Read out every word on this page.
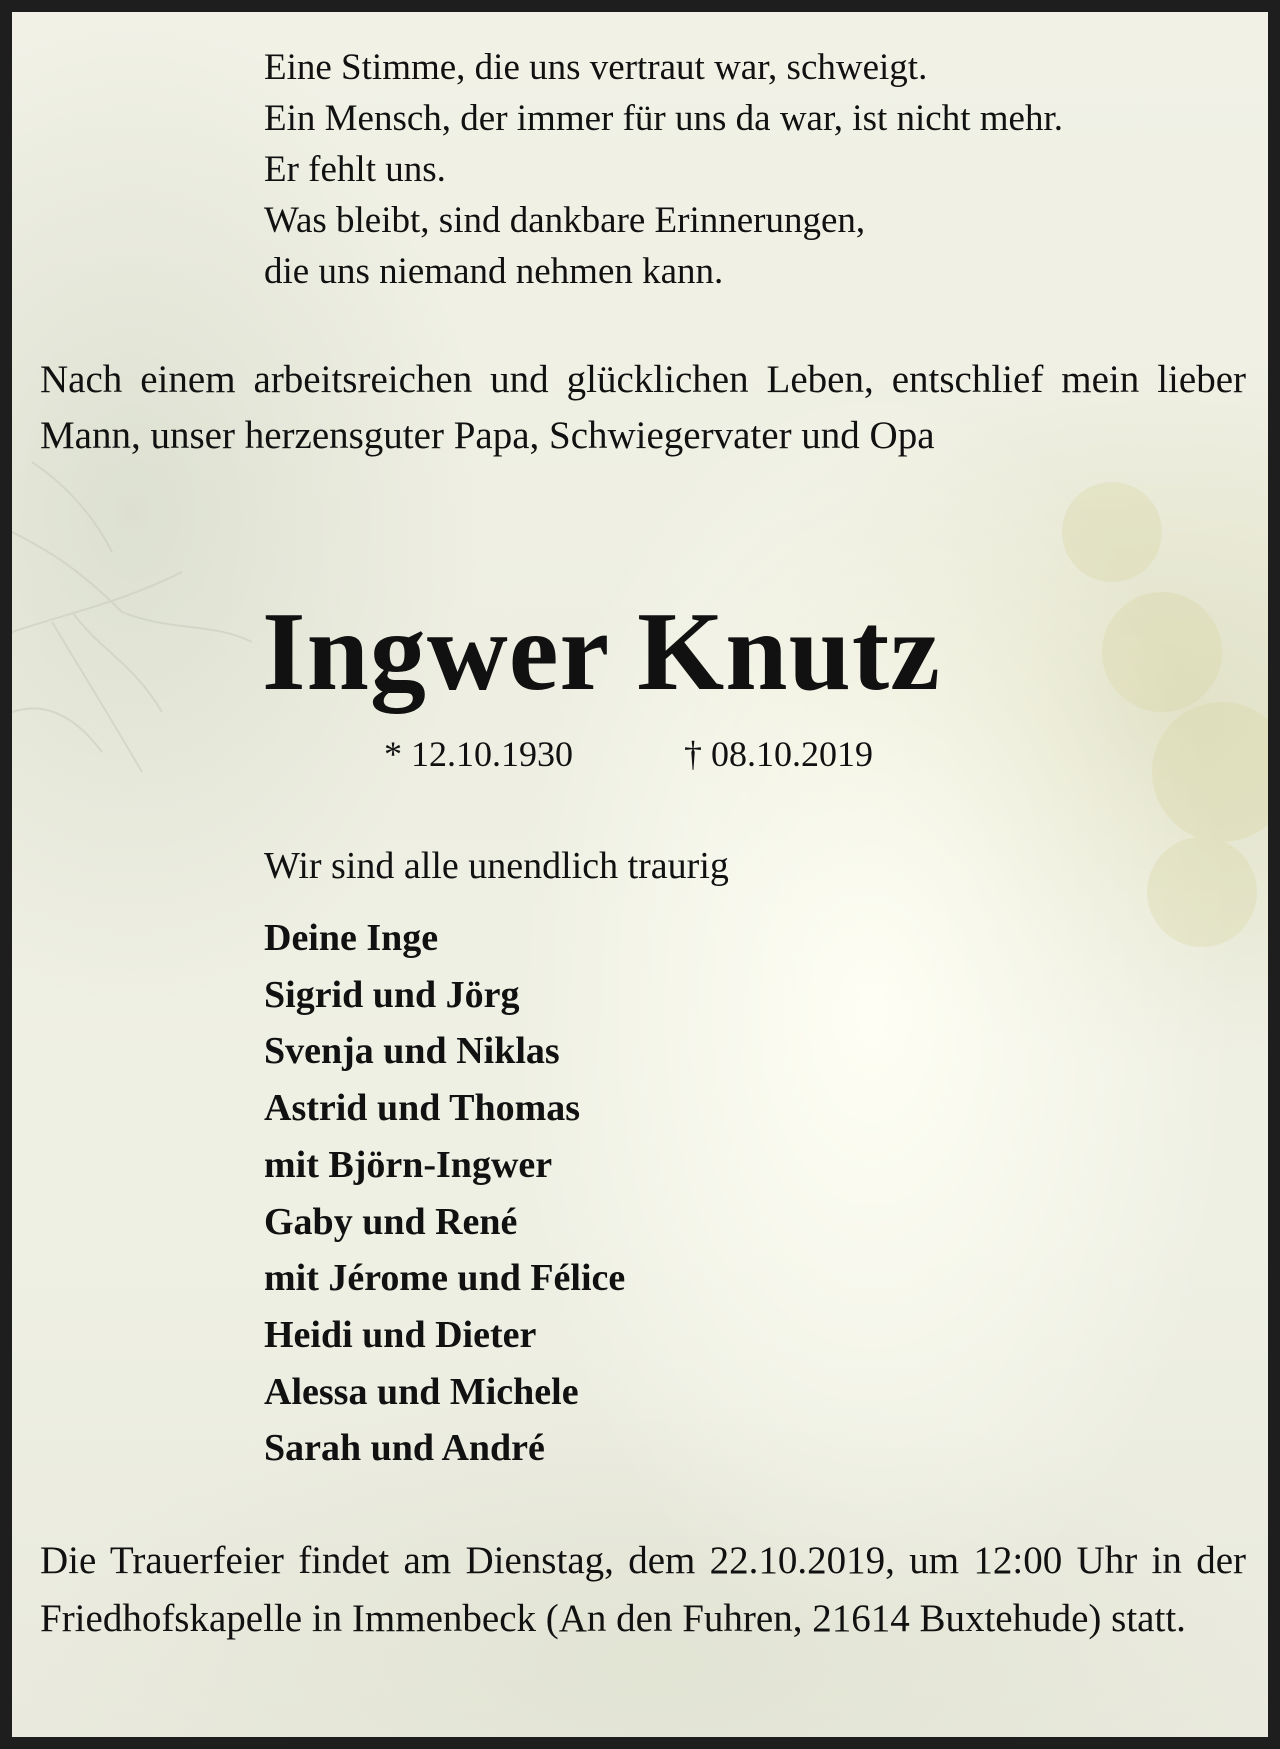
Eine Stimme, die uns vertraut war, schweigt.
Ein Mensch, der immer für uns da war, ist nicht mehr.
Er fehlt uns.
Was bleibt, sind dankbare Erinnerungen,
die uns niemand nehmen kann.
Nach einem arbeitsreichen und glücklichen Leben, entschlief mein lieber Mann, unser herzensguter Papa, Schwiegervater und Opa
Ingwer Knutz
* 12.10.1930	† 08.10.2019
Wir sind alle unendlich traurig
Deine Inge
Sigrid und Jörg
Svenja und Niklas
Astrid und Thomas
mit Björn-Ingwer
Gaby und René
mit Jérome und Félice
Heidi und Dieter
Alessa und Michele
Sarah und André
Die Trauerfeier findet am Dienstag, dem 22.10.2019, um 12:00 Uhr in der Friedhofskapelle in Immenbeck (An den Fuhren, 21614 Buxtehude) statt.
